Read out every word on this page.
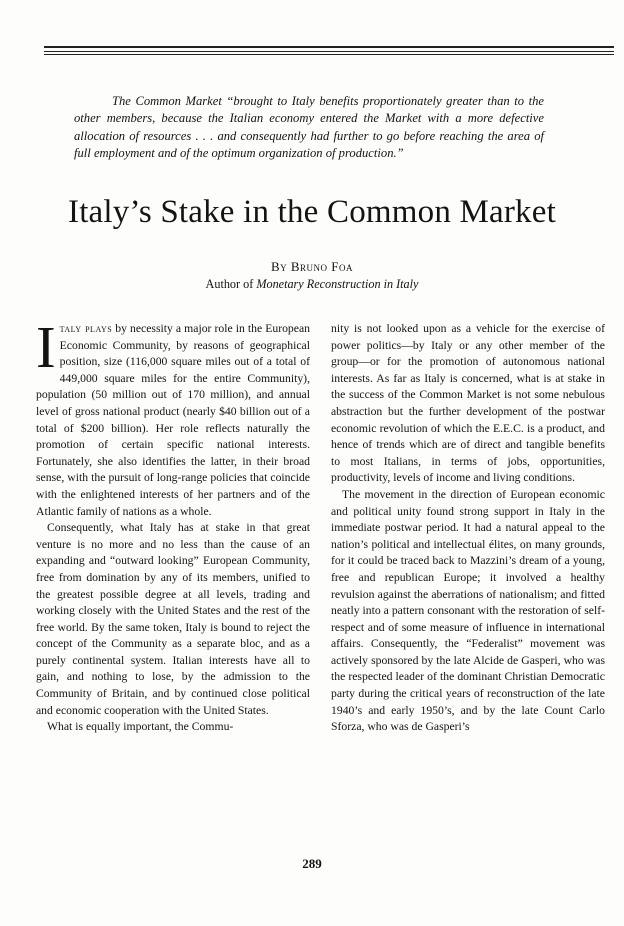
The Common Market “brought to Italy benefits proportionately greater than to the other members, because the Italian economy entered the Market with a more defective allocation of resources . . . and consequently had further to go before reaching the area of full employment and of the optimum organization of production.”

Italy’s Stake in the Common Market
By Bruno Foa
Author of Monetary Reconstruction in Italy

Italy plays by necessity a major role in the European Economic Community, by reasons of geographical position, size (116,000 square miles out of a total of 449,000 square miles for the entire Community), population (50 million out of 170 million), and annual level of gross national product (nearly $40 billion out of a total of $200 billion). Her role reflects naturally the promotion of certain specific national interests. Fortunately, she also identifies the latter, in their broad sense, with the pursuit of long-range policies that coincide with the enlightened interests of her partners and of the Atlantic family of nations as a whole.

Consequently, what Italy has at stake in that great venture is no more and no less than the cause of an expanding and “outward looking” European Community, free from domination by any of its members, unified to the greatest possible degree at all levels, trading and working closely with the United States and the rest of the free world. By the same token, Italy is bound to reject the concept of the Community as a separate bloc, and as a purely continental system. Italian interests have all to gain, and nothing to lose, by the admission to the Community of Britain, and by continued close political and economic cooperation with the United States.

What is equally important, the Commu-

nity is not looked upon as a vehicle for the exercise of power politics—by Italy or any other member of the group—or for the promotion of autonomous national interests. As far as Italy is concerned, what is at stake in the success of the Common Market is not some nebulous abstraction but the further development of the postwar economic revolution of which the E.E.C. is a product, and hence of trends which are of direct and tangible benefits to most Italians, in terms of jobs, opportunities, productivity, levels of income and living conditions.

The movement in the direction of European economic and political unity found strong support in Italy in the immediate postwar period. It had a natural appeal to the nation’s political and intellectual élites, on many grounds, for it could be traced back to Mazzini’s dream of a young, free and republican Europe; it involved a healthy revulsion against the aberrations of nationalism; and fitted neatly into a pattern consonant with the restoration of self-respect and of some measure of influence in international affairs. Consequently, the “Federalist” movement was actively sponsored by the late Alcide de Gasperi, who was the respected leader of the dominant Christian Democratic party during the critical years of reconstruction of the late 1940’s and early 1950’s, and by the late Count Carlo Sforza, who was de Gasperi’s

289
